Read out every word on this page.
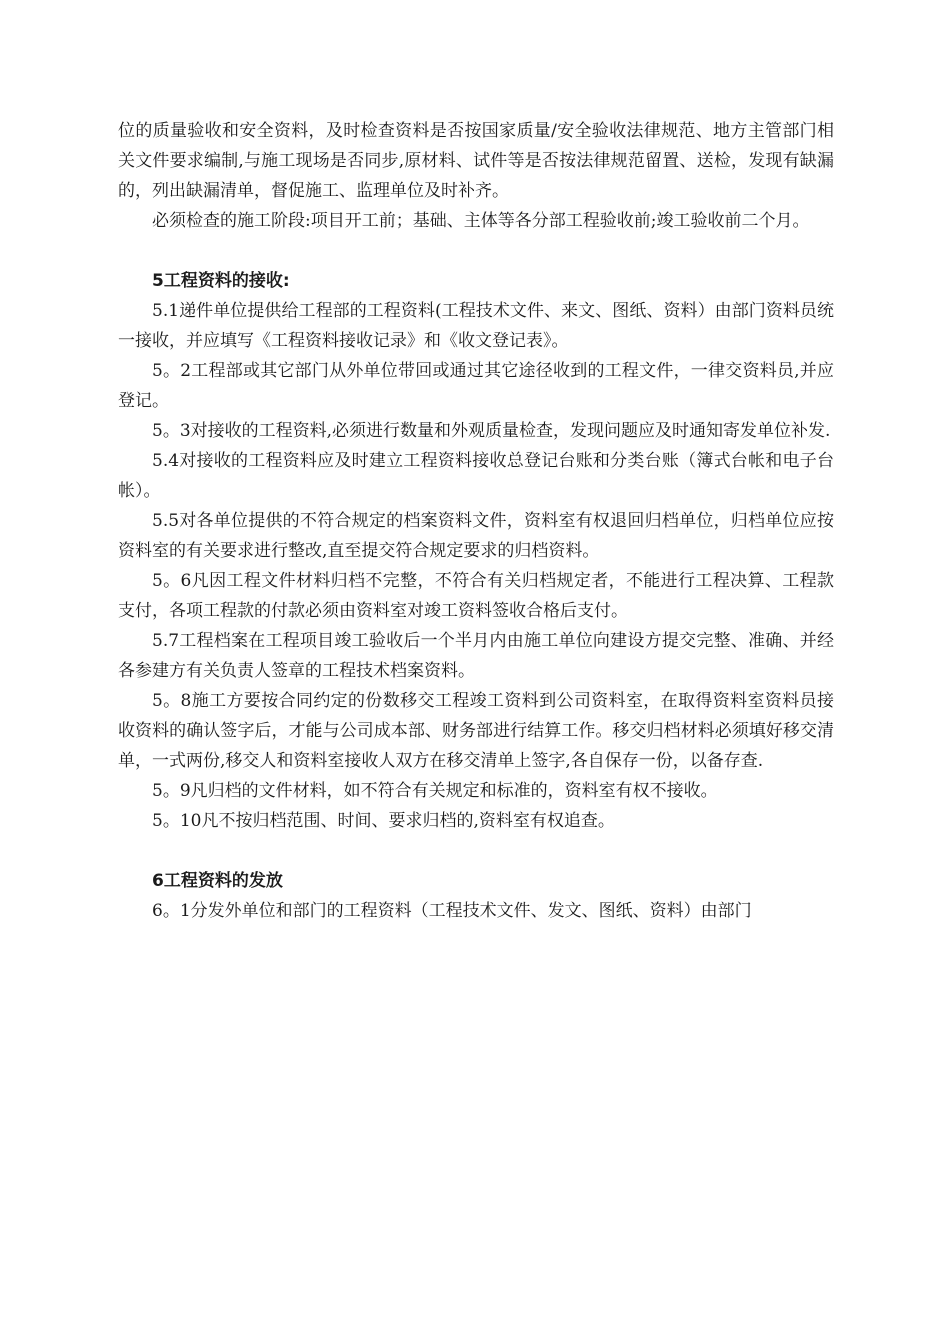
位的质量验收和安全资料，及时检查资料是否按国家质量/安全验收法律规范、地方主管部门相关文件要求编制,与施工现场是否同步,原材料、试件等是否按法律规范留置、送检，发现有缺漏的，列出缺漏清单，督促施工、监理单位及时补齐。

必须检查的施工阶段:项目开工前；基础、主体等各分部工程验收前;竣工验收前二个月。

5工程资料的接收:

5.1递件单位提供给工程部的工程资料(工程技术文件、来文、图纸、资料）由部门资料员统一接收，并应填写《工程资料接收记录》和《收文登记表》。

5。2工程部或其它部门从外单位带回或通过其它途径收到的工程文件，一律交资料员,并应登记。

5。3对接收的工程资料,必须进行数量和外观质量检查，发现问题应及时通知寄发单位补发.

5.4对接收的工程资料应及时建立工程资料接收总登记台账和分类台账（簿式台帐和电子台帐）。

5.5对各单位提供的不符合规定的档案资料文件，资料室有权退回归档单位，归档单位应按资料室的有关要求进行整改,直至提交符合规定要求的归档资料。

5。6凡因工程文件材料归档不完整，不符合有关归档规定者，不能进行工程决算、工程款支付，各项工程款的付款必须由资料室对竣工资料签收合格后支付。

5.7工程档案在工程项目竣工验收后一个半月内由施工单位向建设方提交完整、准确、并经各参建方有关负责人签章的工程技术档案资料。

5。8施工方要按合同约定的份数移交工程竣工资料到公司资料室，在取得资料室资料员接收资料的确认签字后，才能与公司成本部、财务部进行结算工作。移交归档材料必须填好移交清单，一式两份,移交人和资料室接收人双方在移交清单上签字,各自保存一份，以备存查.

5。9凡归档的文件材料，如不符合有关规定和标准的，资料室有权不接收。

5。10凡不按归档范围、时间、要求归档的,资料室有权追查。

6工程资料的发放

6。1分发外单位和部门的工程资料（工程技术文件、发文、图纸、资料）由部门
